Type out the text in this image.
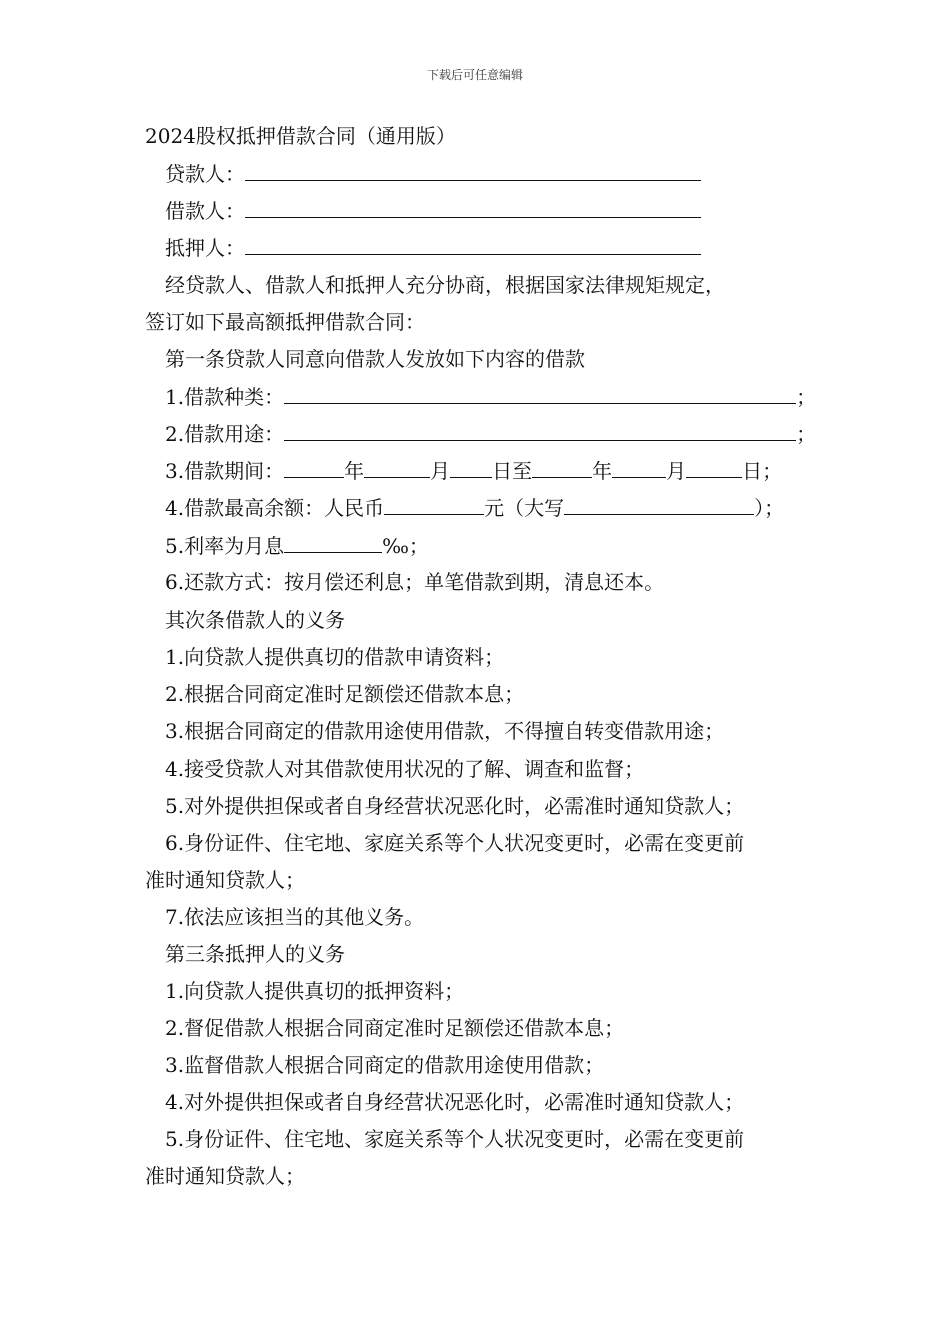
下载后可任意编辑
2024股权抵押借款合同（通用版）
贷款人：
借款人：
抵押人：
经贷款人、借款人和抵押人充分协商，根据国家法律规矩规定，
签订如下最高额抵押借款合同：
第一条贷款人同意向借款人发放如下内容的借款
1.借款种类：	；
2.借款用途：	；
3.借款期间：	年	月 日至	年	月	日；
4.借款最高余额：人民币	元（大写	）；
5.利率为月息	‰；
6.还款方式：按月偿还利息；单笔借款到期，清息还本。
其次条借款人的义务
1.向贷款人提供真切的借款申请资料；
2.根据合同商定准时足额偿还借款本息；
3.根据合同商定的借款用途使用借款，不得擅自转变借款用途；
4.接受贷款人对其借款使用状况的了解、调查和监督；
5.对外提供担保或者自身经营状况恶化时，必需准时通知贷款人；
6.身份证件、住宅地、家庭关系等个人状况变更时，必需在变更前
准时通知贷款人；
7.依法应该担当的其他义务。
第三条抵押人的义务
1.向贷款人提供真切的抵押资料；
2.督促借款人根据合同商定准时足额偿还借款本息；
3.监督借款人根据合同商定的借款用途使用借款；
4.对外提供担保或者自身经营状况恶化时，必需准时通知贷款人；
5.身份证件、住宅地、家庭关系等个人状况变更时，必需在变更前
准时通知贷款人；
